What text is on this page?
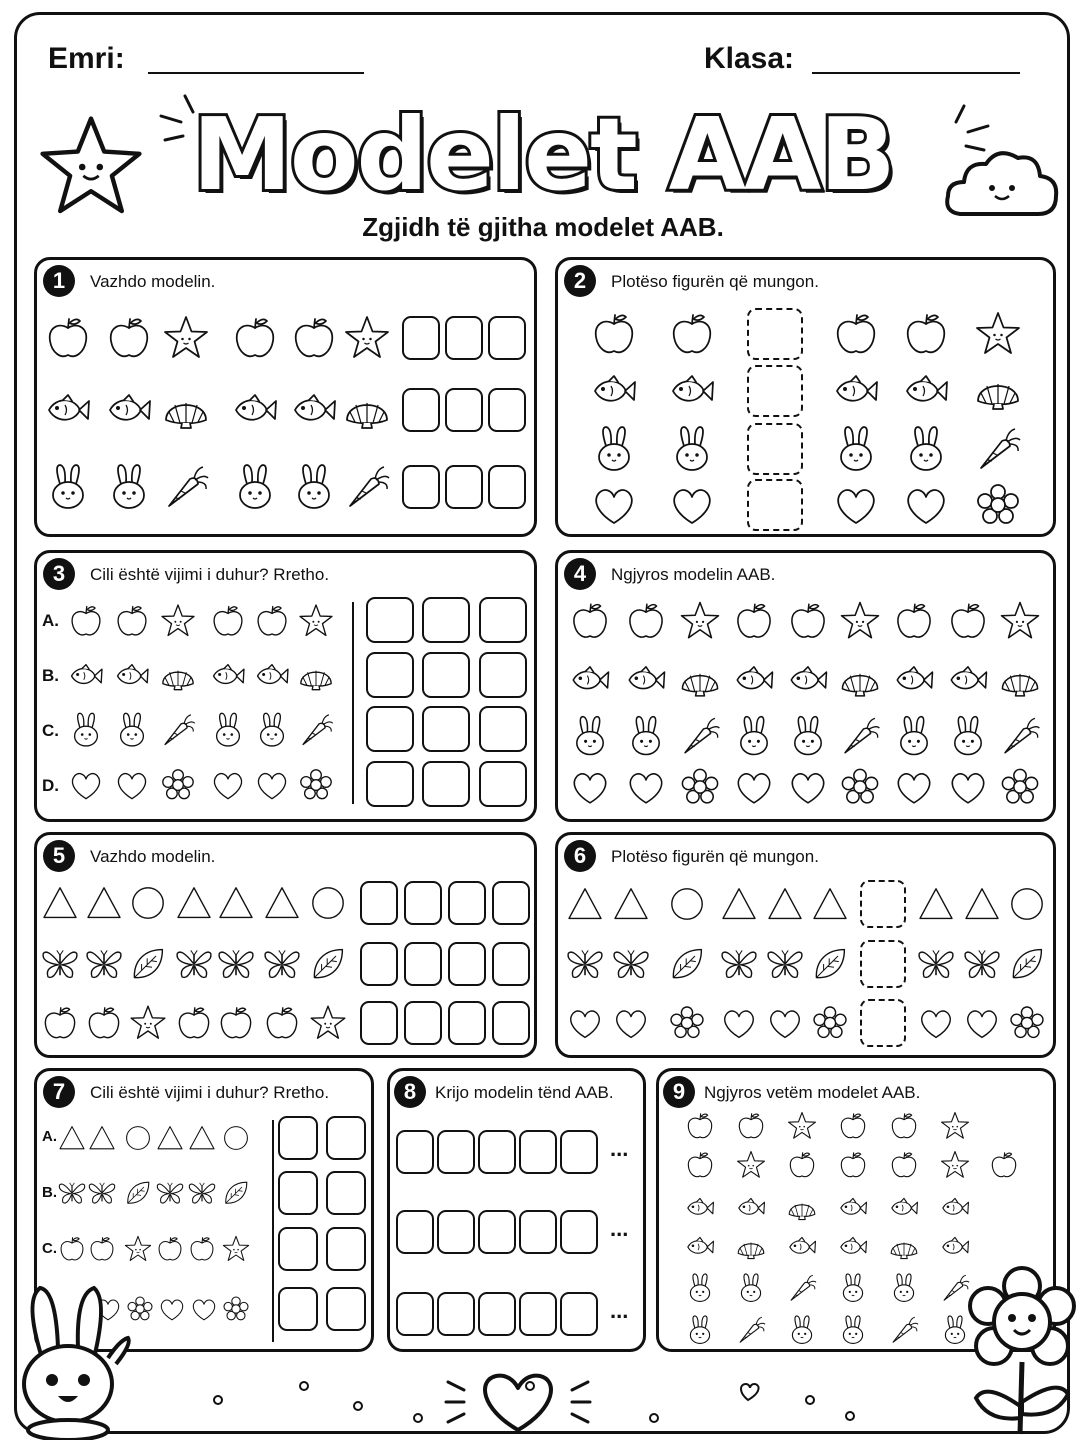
Emri:	Klasa:
Modelet AAB
Zgjidh të gjitha modelet AAB.
1	Vazhdo modelin.	2	Plotëso figurën që mungon.
3	Cili është vijimi i duhur? Rretho.	4	Ngjyros modelin AAB.
5	Vazhdo modelin.	6	Plotëso figurën që mungon.
7	Cili është vijimi i duhur? Rretho.	8	Krijo modelin tënd AAB.	9	Ngjyros vetëm modelet AAB.
A.
B.
C.
D.
A.
B.
C.
...
...
...
